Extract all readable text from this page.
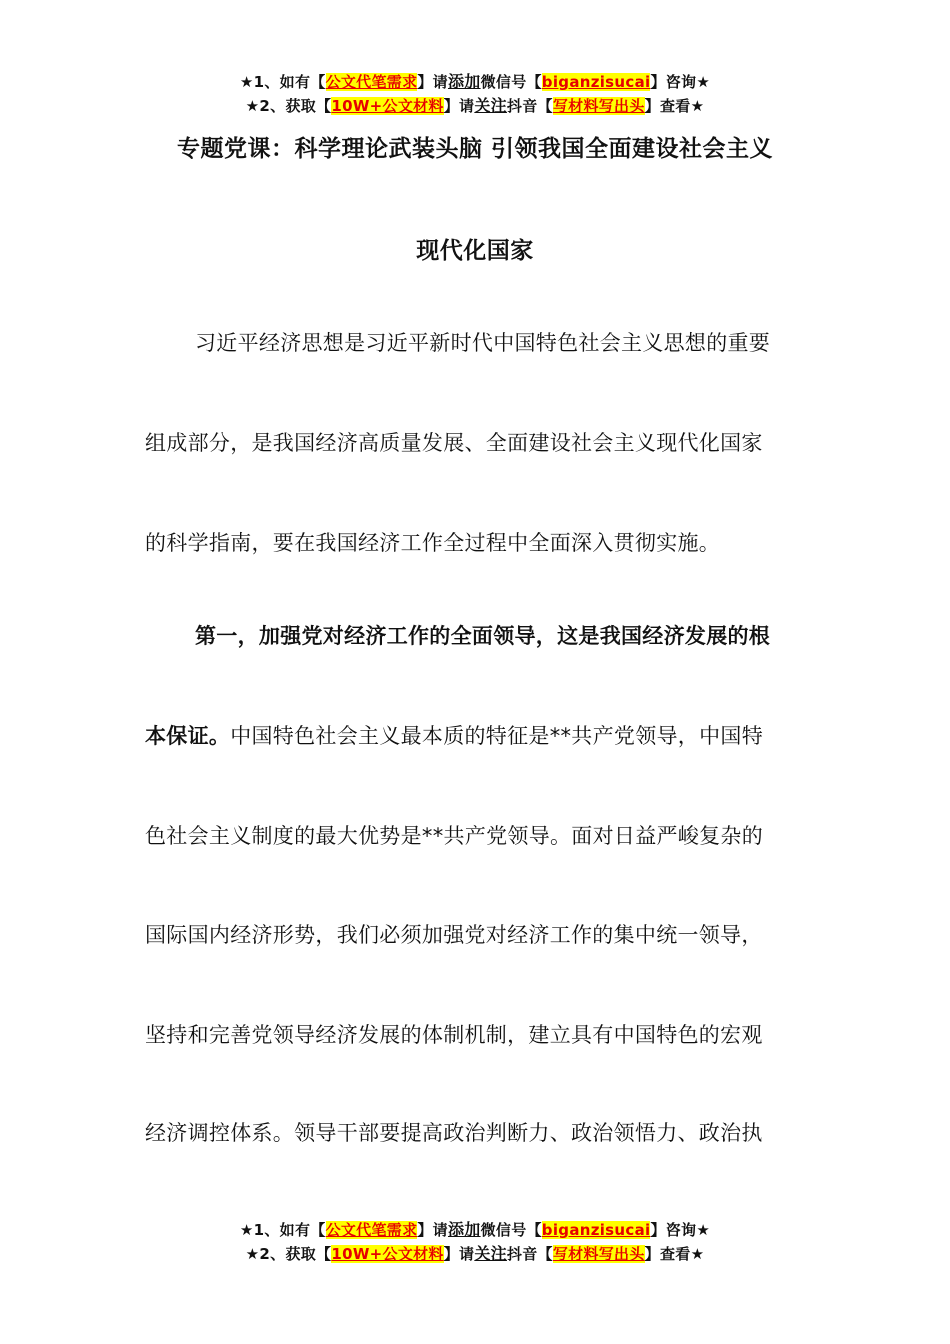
★1、如有【公文代笔需求】请添加微信号【biganzisucai】咨询★
★2、获取【10W+公文材料】请关注抖音【写材料写出头】查看★
专题党课：科学理论武装头脑 引领我国全面建设社会主义
现代化国家
习近平经济思想是习近平新时代中国特色社会主义思想的重要
组成部分，是我国经济高质量发展、全面建设社会主义现代化国家
的科学指南，要在我国经济工作全过程中全面深入贯彻实施。
第一，加强党对经济工作的全面领导，这是我国经济发展的根
本保证。中国特色社会主义最本质的特征是**共产党领导，中国特
色社会主义制度的最大优势是**共产党领导。面对日益严峻复杂的
国际国内经济形势，我们必须加强党对经济工作的集中统一领导，
坚持和完善党领导经济发展的体制机制，建立具有中国特色的宏观
经济调控体系。领导干部要提高政治判断力、政治领悟力、政治执
★1、如有【公文代笔需求】请添加微信号【biganzisucai】咨询★
★2、获取【10W+公文材料】请关注抖音【写材料写出头】查看★
